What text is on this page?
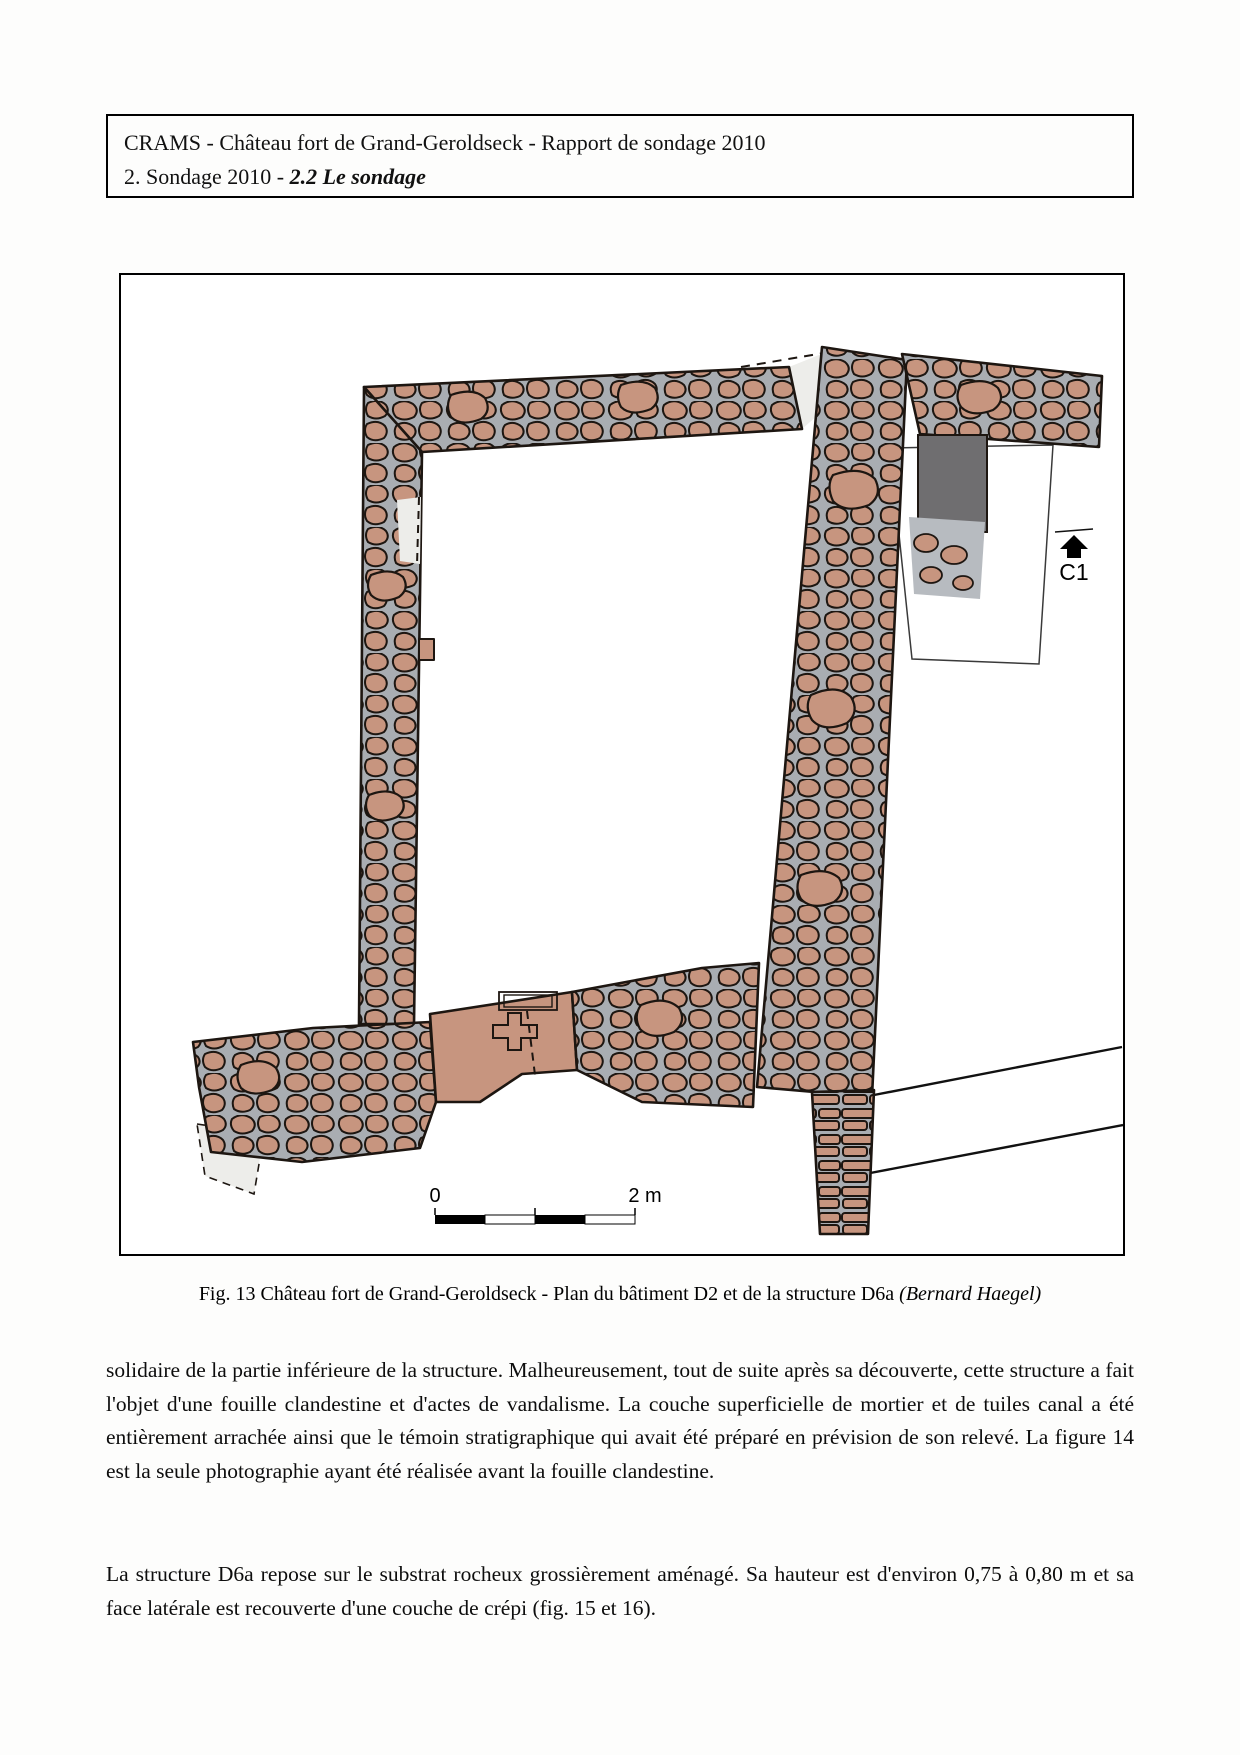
CRAMS - Château fort de Grand-Geroldseck - Rapport de sondage 2010
2. Sondage 2010 - 2.2 Le sondage
C1
0	2 m
Fig. 13 Château fort de Grand-Geroldseck - Plan du bâtiment D2 et de la structure D6a (Bernard Haegel)
solidaire de la partie inférieure de la structure. Malheureusement, tout de suite après sa découverte, cette structure a fait l'objet d'une fouille clandestine et d'actes de vandalisme. La couche superficielle de mortier et de tuiles canal a été entièrement arrachée ainsi que le témoin stratigraphique qui avait été préparé en prévision de son relevé. La figure 14 est la seule photographie ayant été réalisée avant la fouille clandestine.
La structure D6a repose sur le substrat rocheux grossièrement aménagé. Sa hauteur est d'environ 0,75 à 0,80 m et sa face latérale est recouverte d'une couche de crépi (fig. 15 et 16).
